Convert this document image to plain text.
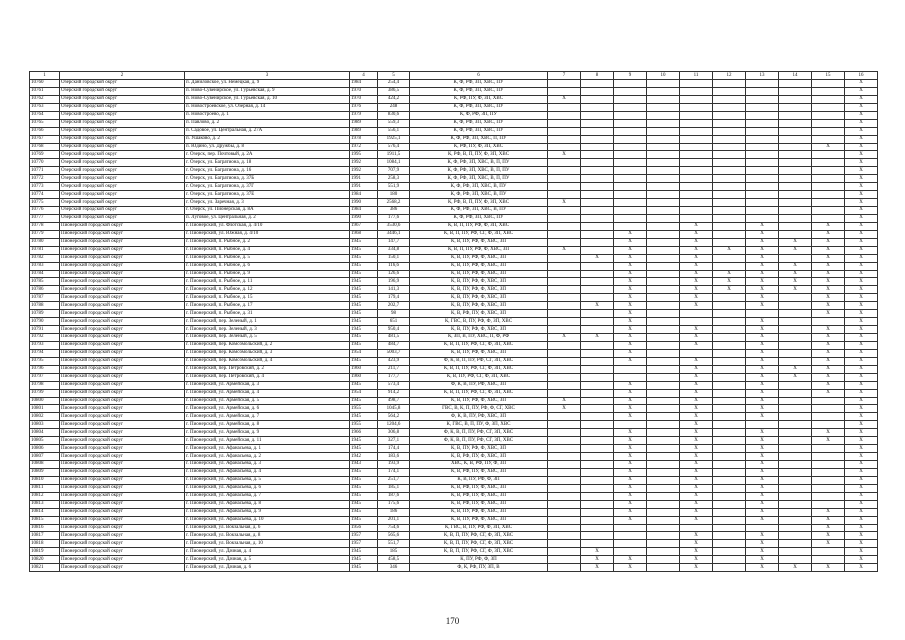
1	2	3	4	5	6	7	8	9	10	11	12	13	14	15	16
10760	Озерский городской округ	п. Даниловское, ул. Немецкая, д. 9	1984	254,4	К, Ф, РФ, ЗП, ХВС, ПУ										X
10761	Озерский городской округ	п. Ново-Сувенирское, ул. Гурьевская, д. 9	1970	386,5	К, Ф, РФ, ЗП, ХВС, ПУ										X
10762	Озерский городской округ	п. Ново-Сувенирское, ул. Гурьевская, д. 10	1970	424,2	К, РФ, ПУ, Ф, ЗП, ХВС	X									X
10763	Озерский городской округ	п. Новостроевское, ул. Озерная, д. 14	1976	248	К, Ф, РФ, ЗП, ХВС, ПУ										X
10764	Озерский городской округ	п. Новостроево, д. 1	1979	830,6	К, Ф, РФ, ЗП, ПУ										X
10765	Озерский городской округ	п. Павлово, д. 2	1989	559,3	К, Ф, РФ, ЗП, ХВС, ПУ										X
10766	Озерский городской округ	п. Садовое, ул. Центральная, д. 27А	1989	556,1	К, Ф, РФ, ЗП, ХВС, ПУ										X
10767	Озерский городской округ	п. Ушаково, д. 2	1978	1925,1	К, Ф, РФ, ЗП, ХВС, П, ПУ										X
10768	Озерский городской округ	п. Юдино, ул. Дружбы, д. 8	1972	576,4	К, РФ, ПУ, Ф, ЗП, ХВС									X	X
10769	Озерский городской округ	г. Озерск, пер. Почтовый, д. 2А	1995	1911,5	К, РФ, В, П, ПУ, Ф, ЗП, ХВС	X									X
10770	Озерский городской округ	г. Озерск, ул. Багратиона, д. 18	1992	1084,1	К, Ф, РФ, ЗП, ХВС, В, П, ПУ										X
10771	Озерский городской округ	г. Озерск, ул. Багратиона, д. 16	1992	707,9	К, Ф, РФ, ЗП, ХВС, В, П, ПУ										X
10772	Озерский городской округ	г. Озерск, ул. Багратиона, д. 37Б	1991	258,3	К, Ф, РФ, ЗП, ХВС, В, П, ПУ										X
10773	Озерский городской округ	г. Озерск, ул. Багратиона, д. 37Г	1991	551,9	К, Ф, РФ, ЗП, ХВС, В, ПУ										X
10774	Озерский городской округ	г. Озерск, ул. Багратиона, д. 37Е	1984	180	К, Ф, РФ, ЗП, ХВС, В, ПУ										X
10775	Озерский городской округ	г. Озерск, ул. Заречная, д. 3	1990	2568,2	К, РФ, В, П, ПУ, Ф, ЗП, ХВС	X									X
10776	Озерский городской округ	г. Озерск, ул. Пионерская, д. 8А	1984	386	К, Ф, РФ, ЗП, ХВС, В, ПУ										X
10777	Озерский городской округ	п. Луговое, ул. Центральная, д. 2	1990	177,6	К, Ф, РФ, ЗП, ХВС, ПУ										X
10778	Пионерский городской округ	г. Пионерский, ул. Флотская, д. 4/10	1967	3530,6	К, В, П, ПУ, РФ, Ф, ЗП, ХВС					X		X		X	X
10779	Пионерский городской округ	г. Пионерский, ул. Южная, д. 4/10	1968	3446,1	К, В, П, ПУ, РФ, СГ, Ф, ЗП, ХВС			X		X		X		X	X
10780	Пионерский городской округ	г. Пионерский, п. Рыбное, д. 2	1945	147,7	К, В, ПУ, РФ, Ф, ХВС, ЗП			X		X		X	X	X	X
10781	Пионерский городской округ	г. Пионерский, п. Рыбное, д. 4	1945	334,8	К, В, П, ПУ, РФ, Ф, ХВС, ЗП	X		X		X	X	X	X	X	X
10782	Пионерский городской округ	г. Пионерский, п. Рыбное, д. 5	1945	150,1	К, В, ПУ, РФ, Ф, ХВС, ЗП		X	X		X		X		X	X
10783	Пионерский городской округ	г. Пионерский, п. Рыбное, д. 6	1945	116,6	К, В, ПУ, РФ, Ф, ХВС, ЗП			X		X		X	X	X	X
10784	Пионерский городской округ	г. Пионерский, п. Рыбное, д. 9	1945	126,6	К, В, ПУ, РФ, Ф, ХВС, ЗП			X		X	X	X	X	X	X
10785	Пионерский городской округ	г. Пионерский, п. Рыбное, д. 11	1945	196,9	К, В, ПУ, РФ, Ф, ХВС, ЗП			X		X	X	X	X	X	X
10786	Пионерский городской округ	г. Пионерский, п. Рыбное, д. 12	1945	141,3	К, В, ПУ, РФ, Ф, ХВС, ЗП			X		X	X	X	X	X	X
10787	Пионерский городской округ	г. Пионерский, п. Рыбное, д. 15	1945	179,4	К, В, ПУ, РФ, Ф, ХВС, ЗП			X		X		X		X	X
10788	Пионерский городской округ	г. Пионерский, п. Рыбное, д. 17	1945	202,7	К, В, ПУ, РФ, Ф, ХВС, ЗП		X	X		X		X		X	X
10789	Пионерский городской округ	г. Пионерский, п. Рыбное, д. 31	1945	98	К, В, РФ, ПУ, Ф, ХВС, ЗП			X						X	X
10790	Пионерский городской округ	г. Пионерский, пер. Зеленый, д. 1	1945	651	К, ГВС, В, ПУ, РФ, Ф, ЗП, ХВС			X				X			X
10791	Пионерский городской округ	г. Пионерский, пер. Зеленый, д. 3	1945	950,4	К, В, ПУ, РФ, Ф, ХВС, ЗП			X		X		X		X	X
10792	Пионерский городской округ	г. Пионерский, пер. Зеленый, д. 5	1945	481,5	К, ЗП, В, ПУ, ХВС, П, Ф, РФ	X	X	X		X		X		X	X
10793	Пионерский городской округ	г. Пионерский, пер. Комсомольский, д. 2	1945	484,7	К, В, П, ПУ, РФ, СГ, Ф, ЗП, ХВС			X		X		X		X	X
10794	Пионерский городской округ	г. Пионерский, пер. Комсомольский, д. 3	1954	5003,7	К, В, ПУ, РФ, Ф, ХВС, ЗП			X				X		X	X
10795	Пионерский городской округ	г. Пионерский, пер. Комсомольский, д. 4	1945	423,9	Ф, К, В, П, ПУ, РФ, СГ, ЗП, ХВС			X		X		X		X	X
10796	Пионерский городской округ	г. Пионерский, пер. Петровский, д. 2	1960	211,7	К, В, П, ПУ, РФ, СГ, Ф, ЗП, ХВС					X		X	X	X	X
10797	Пионерский городской округ	г. Пионерский, пер. Петровский, д. 4	1960	177,7	К, В, ПУ, РФ, СГ, Ф, ЗП, ХВС					X		X	X	X	X
10798	Пионерский городской округ	г. Пионерский, ул. Армейская, д. 3	1945	573,4	Ф, К, В, ПУ, РФ, ХВС, ЗП			X		X		X		X	X
10799	Пионерский городской округ	г. Пионерский, ул. Армейская, д. 4	1954	914,2	К, В, П, ПУ, РФ, СГ, Ф, ЗП, ХВС			X		X		X		X	X
10800	Пионерский городской округ	г. Пионерский, ул. Армейская, д. 5	1945	498,7	К, В, ПУ, РФ, Ф, ХВС, ЗП	X		X		X		X			X
10801	Пионерский городской округ	г. Пионерский, ул. Армейская, д. 6	1955	1045,8	ГВС, В, К, П, ПУ, РФ, Ф, СГ, ХВС	X		X		X		X			X
10802	Пионерский городской округ	г. Пионерский, ул. Армейская, д. 7	1945	564,2	Ф, К, В, ПУ, РФ, ХВС, ЗП			X		X		X			X
10803	Пионерский городской округ	г. Пионерский, ул. Армейская, д. 8	1955	1204,6	К, ГВС, В, П, ПУ, Ф, ЗП, ХВС					X					X
10804	Пионерский городской округ	г. Пионерский, ул. Армейская, д. 9	1966	306,8	Ф, К, В, П, ПУ, РФ, СГ, ЗП, ХВС			X		X		X		X	X
10805	Пионерский городской округ	г. Пионерский, ул. Армейская, д. 11	1945	327,1	Ф, К, В, П, ПУ, РФ, СГ, ЗП, ХВС			X		X		X		X	X
10806	Пионерский городской округ	г. Пионерский, ул. Афанасьева, д. 1	1945	174,4	К, В, ПУ, РФ, Ф, ХВС, ЗП			X		X		X			X
10807	Пионерский городской округ	г. Пионерский, ул. Афанасьева, д. 2	1942	183,6	К, В, РФ, ПУ, Ф, ХВС, ЗП			X		X		X			X
10808	Пионерский городской округ	г. Пионерский, ул. Афанасьева, д. 3	1943	193,9	ХВС, К, В, РФ, ПУ, Ф, ЗП			X		X		X			X
10809	Пионерский городской округ	г. Пионерский, ул. Афанасьева, д. 4	1945	174,1	К, В, РФ, ПУ, Ф, ХВС, ЗП			X		X		X			X
10810	Пионерский городской округ	г. Пионерский, ул. Афанасьева, д. 5	1945	251,7	К, В, ПУ, РФ, Ф, ЗП			X		X		X			X
10811	Пионерский городской округ	г. Пионерский, ул. Афанасьева, д. 6	1945	185,1	К, В, РФ, ПУ, Ф, ХВС, ЗП			X		X		X			X
10812	Пионерский городской округ	г. Пионерский, ул. Афанасьева, д. 7	1945	187,6	К, В, РФ, ПУ, Ф, ХВС, ЗП			X		X		X			X
10813	Пионерский городской округ	г. Пионерский, ул. Афанасьева, д. 8	1945	175,6	К, В, РФ, ПУ, Ф, ХВС, ЗП			X		X		X			X
10814	Пионерский городской округ	г. Пионерский, ул. Афанасьева, д. 9	1945	186	К, В, ПУ, РФ, Ф, ХВС, ЗП			X		X		X		X	X
10815	Пионерский городской округ	г. Пионерский, ул. Афанасьева, д. 10	1945	201,1	К, В, ПУ, РФ, Ф, ХВС, ЗП			X		X		X		X	X
10816	Пионерский городской округ	г. Пионерский, ул. Вокзальная, д. 6	1956	754,6	К, ГВС, В, ПУ, РФ, Ф, ЗП, ХВС									X	X
10817	Пионерский городской округ	г. Пионерский, ул. Вокзальная, д. 8	1957	565,6	К, В, П, ПУ, РФ, СГ, Ф, ЗП, ХВС					X		X		X	X
10818	Пионерский городской округ	г. Пионерский, ул. Вокзальная, д. 10	1957	551,7	К, В, П, ПУ, РФ, СГ, Ф, ЗП, ХВС					X		X		X	X
10819	Пионерский городской округ	г. Пионерский, ул. Дачная, д. 4	1945	185	К, В, П, ПУ, РФ, СГ, Ф, ЗП, ХВС		X			X		X			X
10820	Пионерский городской округ	г. Пионерский, ул. Дачная, д. 5	1945	458,5	К, ПУ, РФ, Ф, ЗП		X	X		X		X			X
10821	Пионерский городской округ	г. Пионерский, ул. Дачная, д. 6	1945	346	Ф, К, РФ, ПУ, ЗП, В		X	X		X		X	X	X	X
170
